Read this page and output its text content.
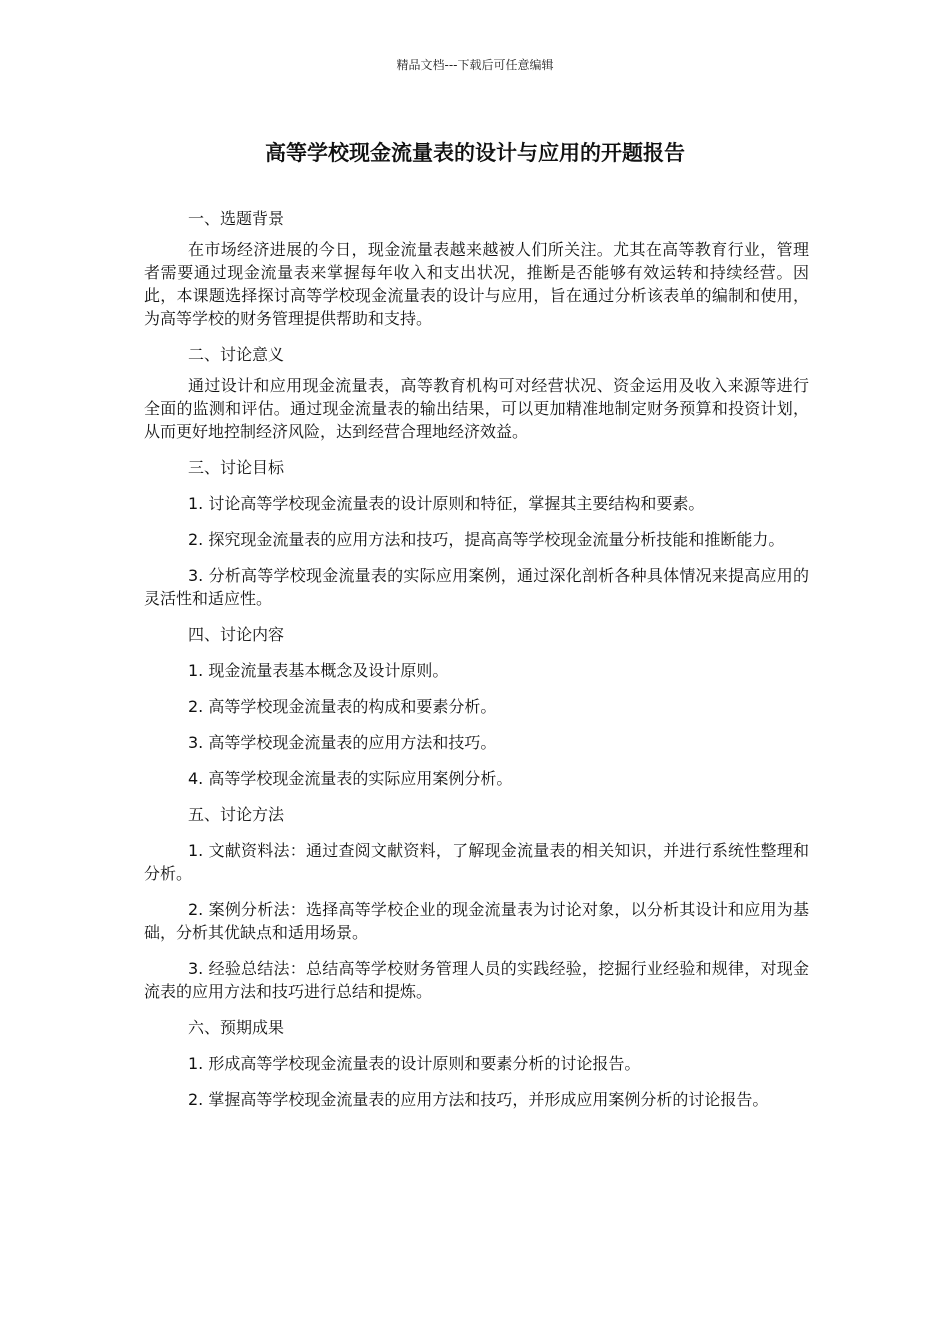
精品文档---下载后可任意编辑
高等学校现金流量表的设计与应用的开题报告

一、选题背景

在市场经济进展的今日，现金流量表越来越被人们所关注。尤其在高等教育行业，管理者需要通过现金流量表来掌握每年收入和支出状况，推断是否能够有效运转和持续经营。因此，本课题选择探讨高等学校现金流量表的设计与应用，旨在通过分析该表单的编制和使用，为高等学校的财务管理提供帮助和支持。

二、讨论意义

通过设计和应用现金流量表，高等教育机构可对经营状况、资金运用及收入来源等进行全面的监测和评估。通过现金流量表的输出结果，可以更加精准地制定财务预算和投资计划，从而更好地控制经济风险，达到经营合理地经济效益。

三、讨论目标

1. 讨论高等学校现金流量表的设计原则和特征，掌握其主要结构和要素。

2. 探究现金流量表的应用方法和技巧，提高高等学校现金流量分析技能和推断能力。

3. 分析高等学校现金流量表的实际应用案例，通过深化剖析各种具体情况来提高应用的灵活性和适应性。

四、讨论内容

1. 现金流量表基本概念及设计原则。

2. 高等学校现金流量表的构成和要素分析。

3. 高等学校现金流量表的应用方法和技巧。

4. 高等学校现金流量表的实际应用案例分析。

五、讨论方法

1. 文献资料法：通过查阅文献资料，了解现金流量表的相关知识，并进行系统性整理和分析。

2. 案例分析法：选择高等学校企业的现金流量表为讨论对象，以分析其设计和应用为基础，分析其优缺点和适用场景。

3. 经验总结法：总结高等学校财务管理人员的实践经验，挖掘行业经验和规律，对现金流表的应用方法和技巧进行总结和提炼。

六、预期成果

1. 形成高等学校现金流量表的设计原则和要素分析的讨论报告。

2. 掌握高等学校现金流量表的应用方法和技巧，并形成应用案例分析的讨论报告。
